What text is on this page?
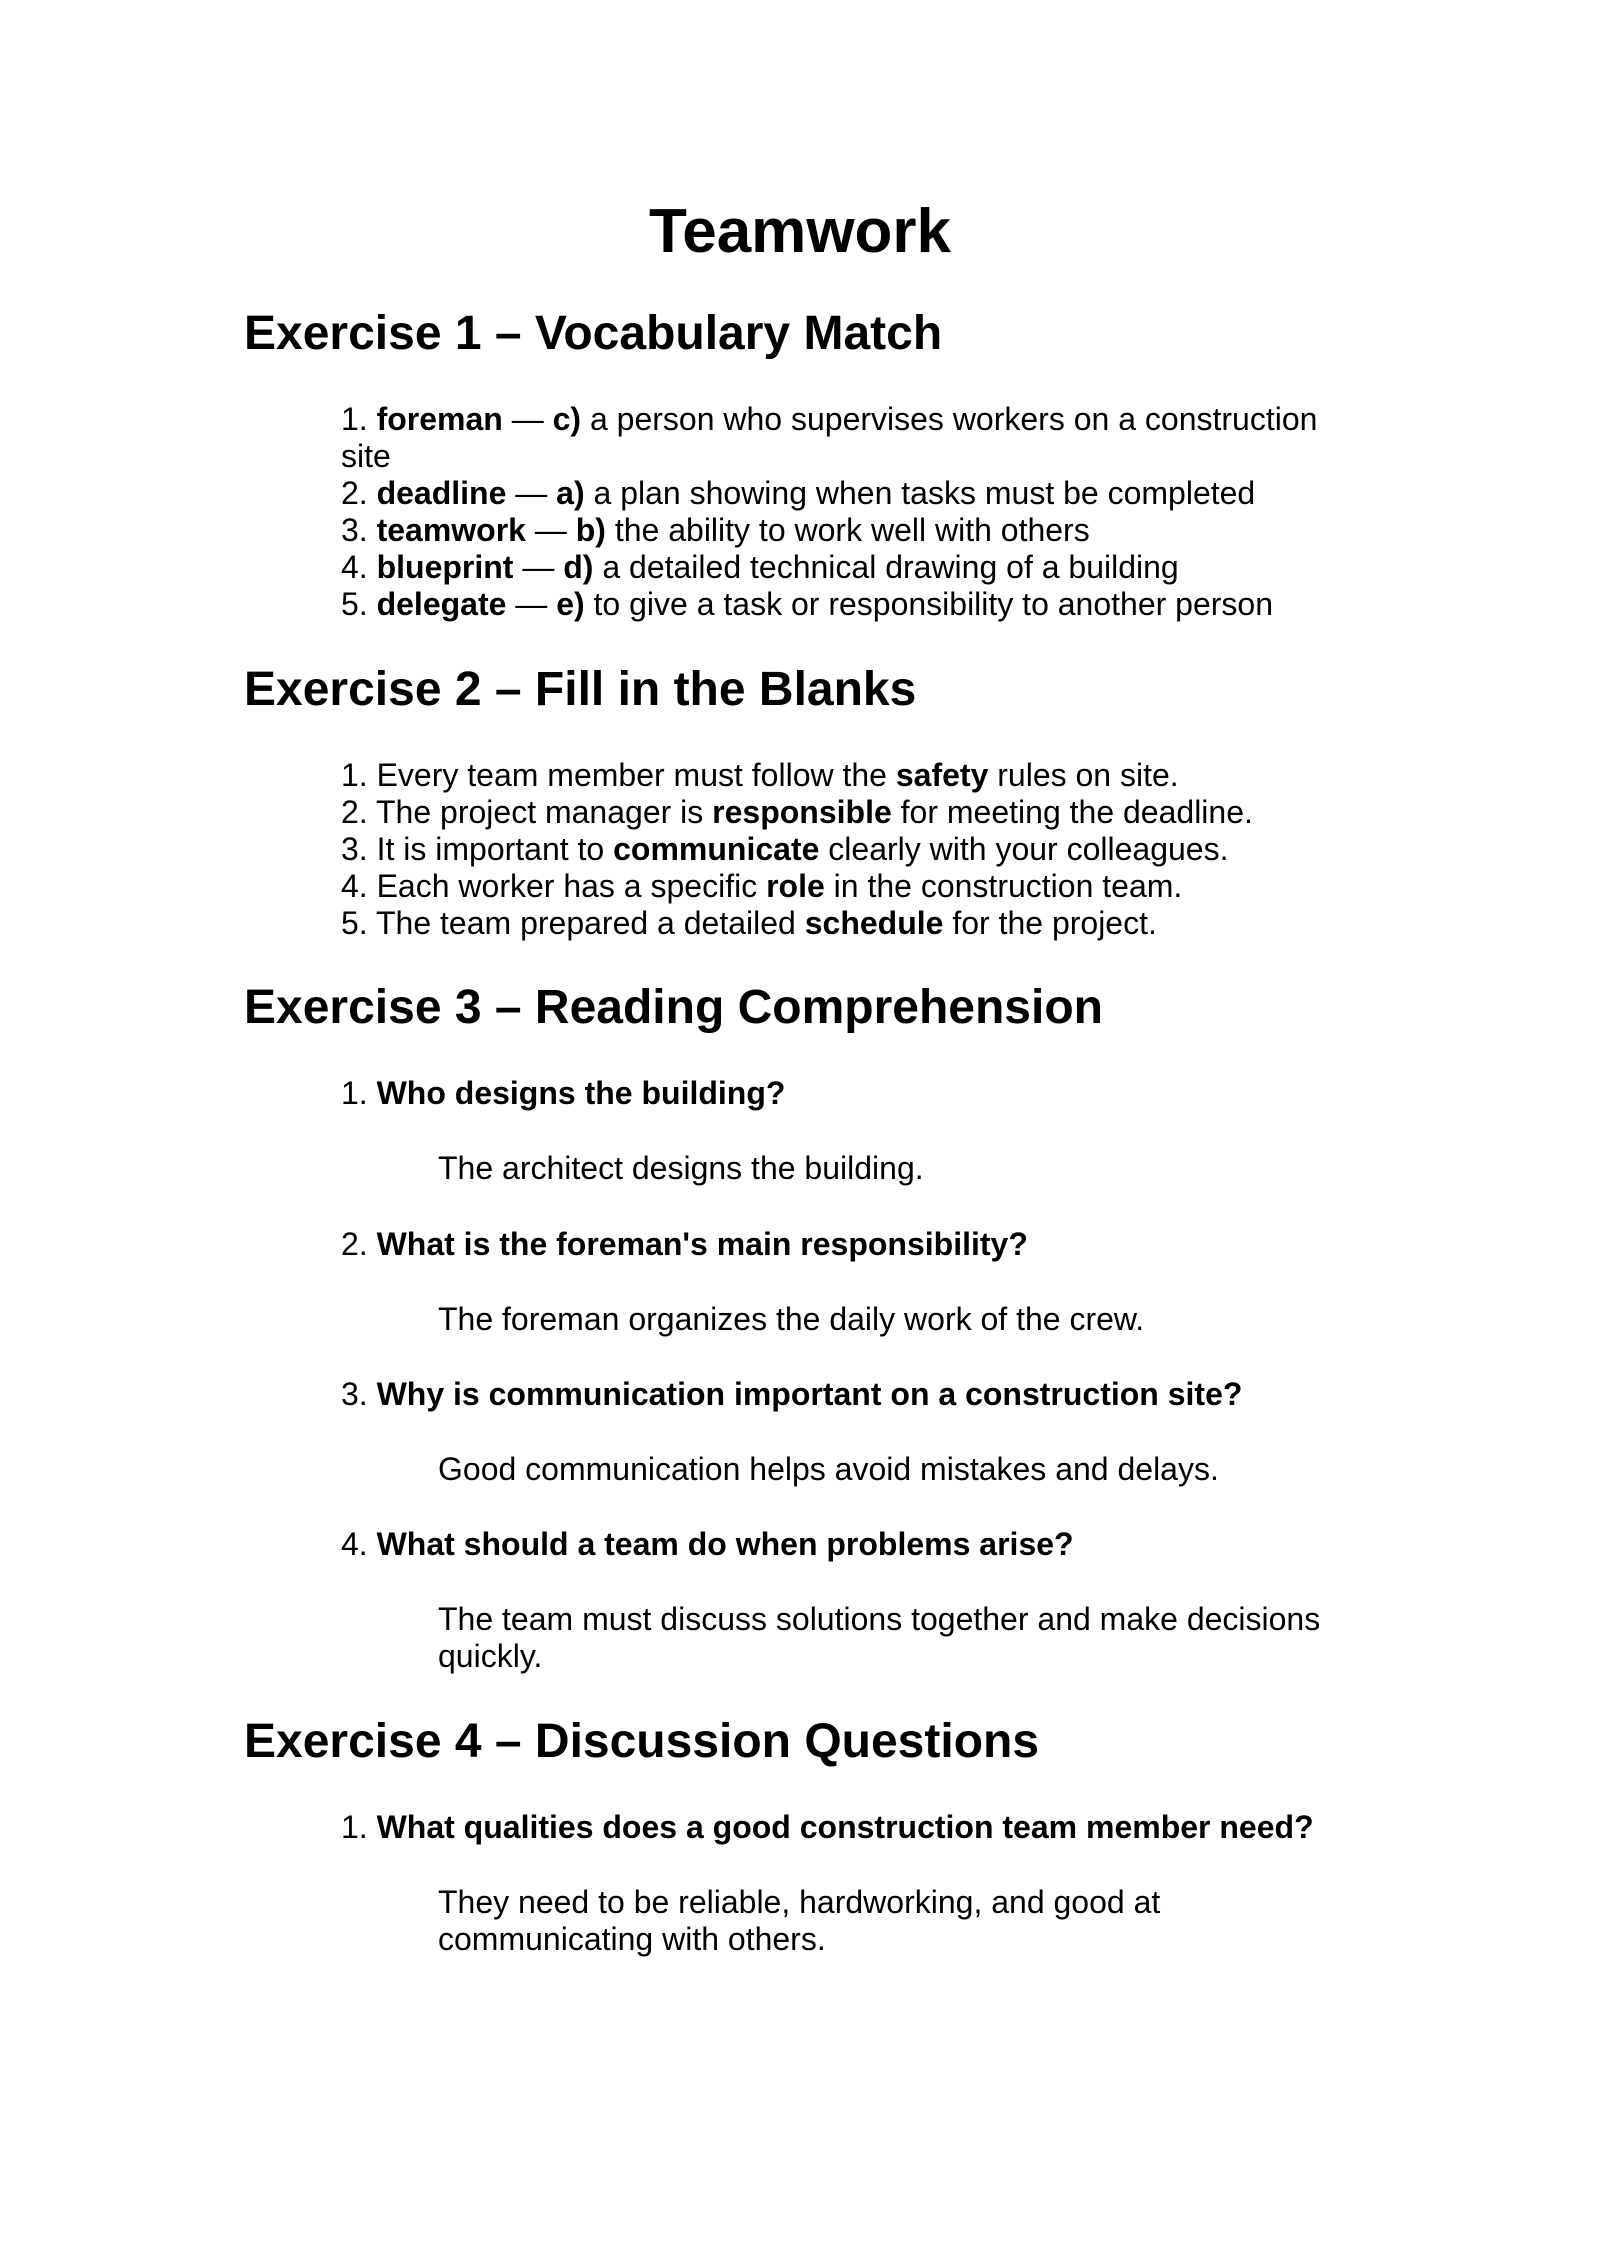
Teamwork
Exercise 1 – Vocabulary Match
1. foreman — c) a person who supervises workers on a construction site
2. deadline — a) a plan showing when tasks must be completed
3. teamwork — b) the ability to work well with others
4. blueprint — d) a detailed technical drawing of a building
5. delegate — e) to give a task or responsibility to another person
Exercise 2 – Fill in the Blanks
1. Every team member must follow the safety rules on site.
2. The project manager is responsible for meeting the deadline.
3. It is important to communicate clearly with your colleagues.
4. Each worker has a specific role in the construction team.
5. The team prepared a detailed schedule for the project.
Exercise 3 – Reading Comprehension

1. Who designs the building?

The architect designs the building.

2. What is the foreman's main responsibility?

The foreman organizes the daily work of the crew.

3. Why is communication important on a construction site?

Good communication helps avoid mistakes and delays.

4. What should a team do when problems arise?

The team must discuss solutions together and make decisions quickly.

Exercise 4 – Discussion Questions

1. What qualities does a good construction team member need?

They need to be reliable, hardworking, and good at communicating with others.
